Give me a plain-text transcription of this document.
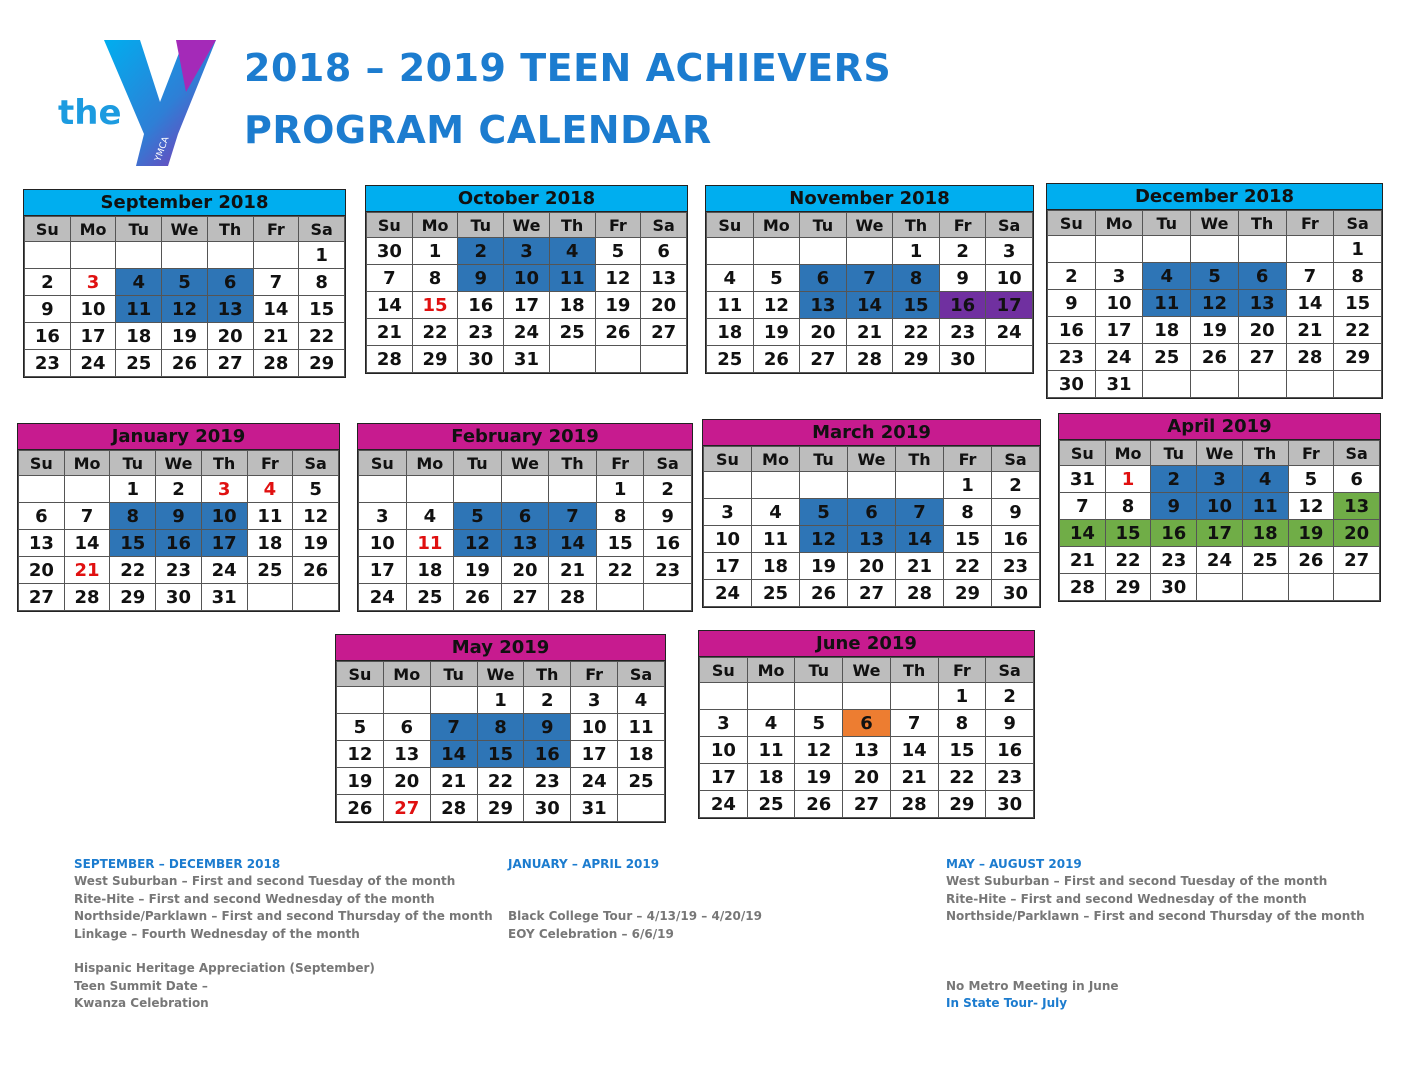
the
YMCA
2018 – 2019 TEEN ACHIEVERS
PROGRAM CALENDAR
September 2018
Su	Mo	Tu	We	Th	Fr	Sa
						1
2	3	4	5	6	7	8
9	10	11	12	13	14	15
16	17	18	19	20	21	22
23	24	25	26	27	28	29
October 2018
Su	Mo	Tu	We	Th	Fr	Sa
30	1	2	3	4	5	6
7	8	9	10	11	12	13
14	15	16	17	18	19	20
21	22	23	24	25	26	27
28	29	30	31			
November 2018
Su	Mo	Tu	We	Th	Fr	Sa
				1	2	3
4	5	6	7	8	9	10
11	12	13	14	15	16	17
18	19	20	21	22	23	24
25	26	27	28	29	30	
December 2018
Su	Mo	Tu	We	Th	Fr	Sa
						1
2	3	4	5	6	7	8
9	10	11	12	13	14	15
16	17	18	19	20	21	22
23	24	25	26	27	28	29
30	31					
January 2019
Su	Mo	Tu	We	Th	Fr	Sa
		1	2	3	4	5
6	7	8	9	10	11	12
13	14	15	16	17	18	19
20	21	22	23	24	25	26
27	28	29	30	31		
February 2019
Su	Mo	Tu	We	Th	Fr	Sa
					1	2
3	4	5	6	7	8	9
10	11	12	13	14	15	16
17	18	19	20	21	22	23
24	25	26	27	28		
March 2019
Su	Mo	Tu	We	Th	Fr	Sa
					1	2
3	4	5	6	7	8	9
10	11	12	13	14	15	16
17	18	19	20	21	22	23
24	25	26	27	28	29	30
April 2019
Su	Mo	Tu	We	Th	Fr	Sa
31	1	2	3	4	5	6
7	8	9	10	11	12	13
14	15	16	17	18	19	20
21	22	23	24	25	26	27
28	29	30				
May 2019
Su	Mo	Tu	We	Th	Fr	Sa
			1	2	3	4
5	6	7	8	9	10	11
12	13	14	15	16	17	18
19	20	21	22	23	24	25
26	27	28	29	30	31	
June 2019
Su	Mo	Tu	We	Th	Fr	Sa
					1	2
3	4	5	6	7	8	9
10	11	12	13	14	15	16
17	18	19	20	21	22	23
24	25	26	27	28	29	30
SEPTEMBER – DECEMBER 2018
West Suburban – First and second Tuesday of the month
Rite-Hite – First and second Wednesday of the month
Northside/Parklawn – First and second Thursday of the month
Linkage – Fourth Wednesday of the month
Hispanic Heritage Appreciation (September)
Teen Summit Date –
Kwanza Celebration
JANUARY – APRIL 2019
Black College Tour – 4/13/19 – 4/20/19
EOY Celebration – 6/6/19
MAY – AUGUST 2019
West Suburban – First and second Tuesday of the month
Rite-Hite – First and second Wednesday of the month
Northside/Parklawn – First and second Thursday of the month
No Metro Meeting in June
In State Tour- July
